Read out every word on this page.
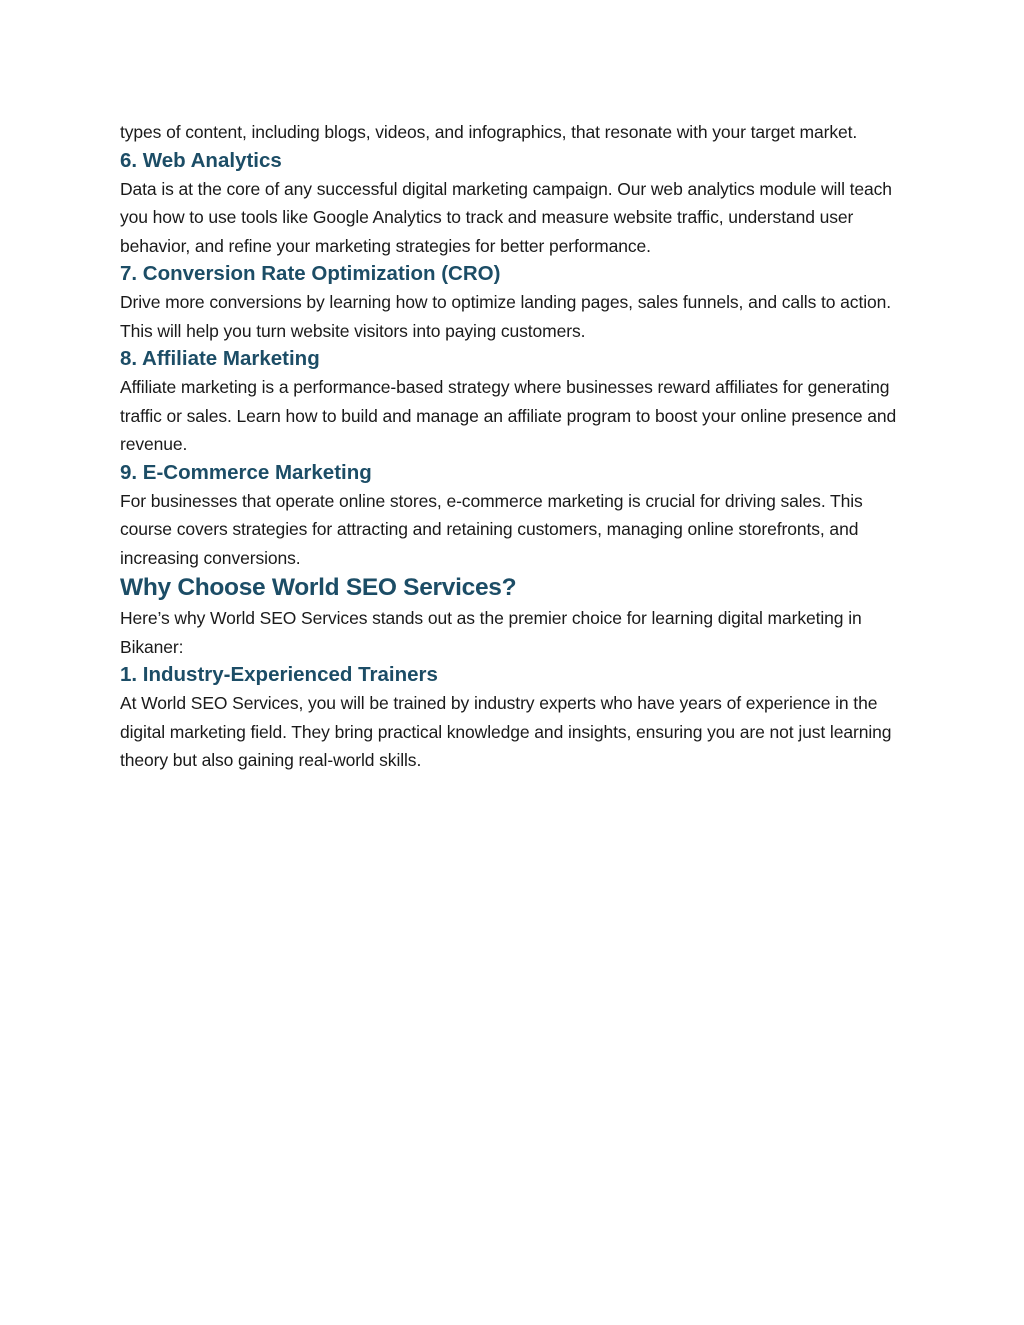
types of content, including blogs, videos, and infographics, that resonate with your target market.

6. Web Analytics

Data is at the core of any successful digital marketing campaign. Our web analytics module will teach you how to use tools like Google Analytics to track and measure website traffic, understand user behavior, and refine your marketing strategies for better performance.

7. Conversion Rate Optimization (CRO)

Drive more conversions by learning how to optimize landing pages, sales funnels, and calls to action. This will help you turn website visitors into paying customers.

8. Affiliate Marketing

Affiliate marketing is a performance-based strategy where businesses reward affiliates for generating traffic or sales. Learn how to build and manage an affiliate program to boost your online presence and revenue.

9. E-Commerce Marketing

For businesses that operate online stores, e-commerce marketing is crucial for driving sales. This course covers strategies for attracting and retaining customers, managing online storefronts, and increasing conversions.

Why Choose World SEO Services?

Here’s why World SEO Services stands out as the premier choice for learning digital marketing in Bikaner:

1. Industry-Experienced Trainers

At World SEO Services, you will be trained by industry experts who have years of experience in the digital marketing field. They bring practical knowledge and insights, ensuring you are not just learning theory but also gaining real-world skills.
